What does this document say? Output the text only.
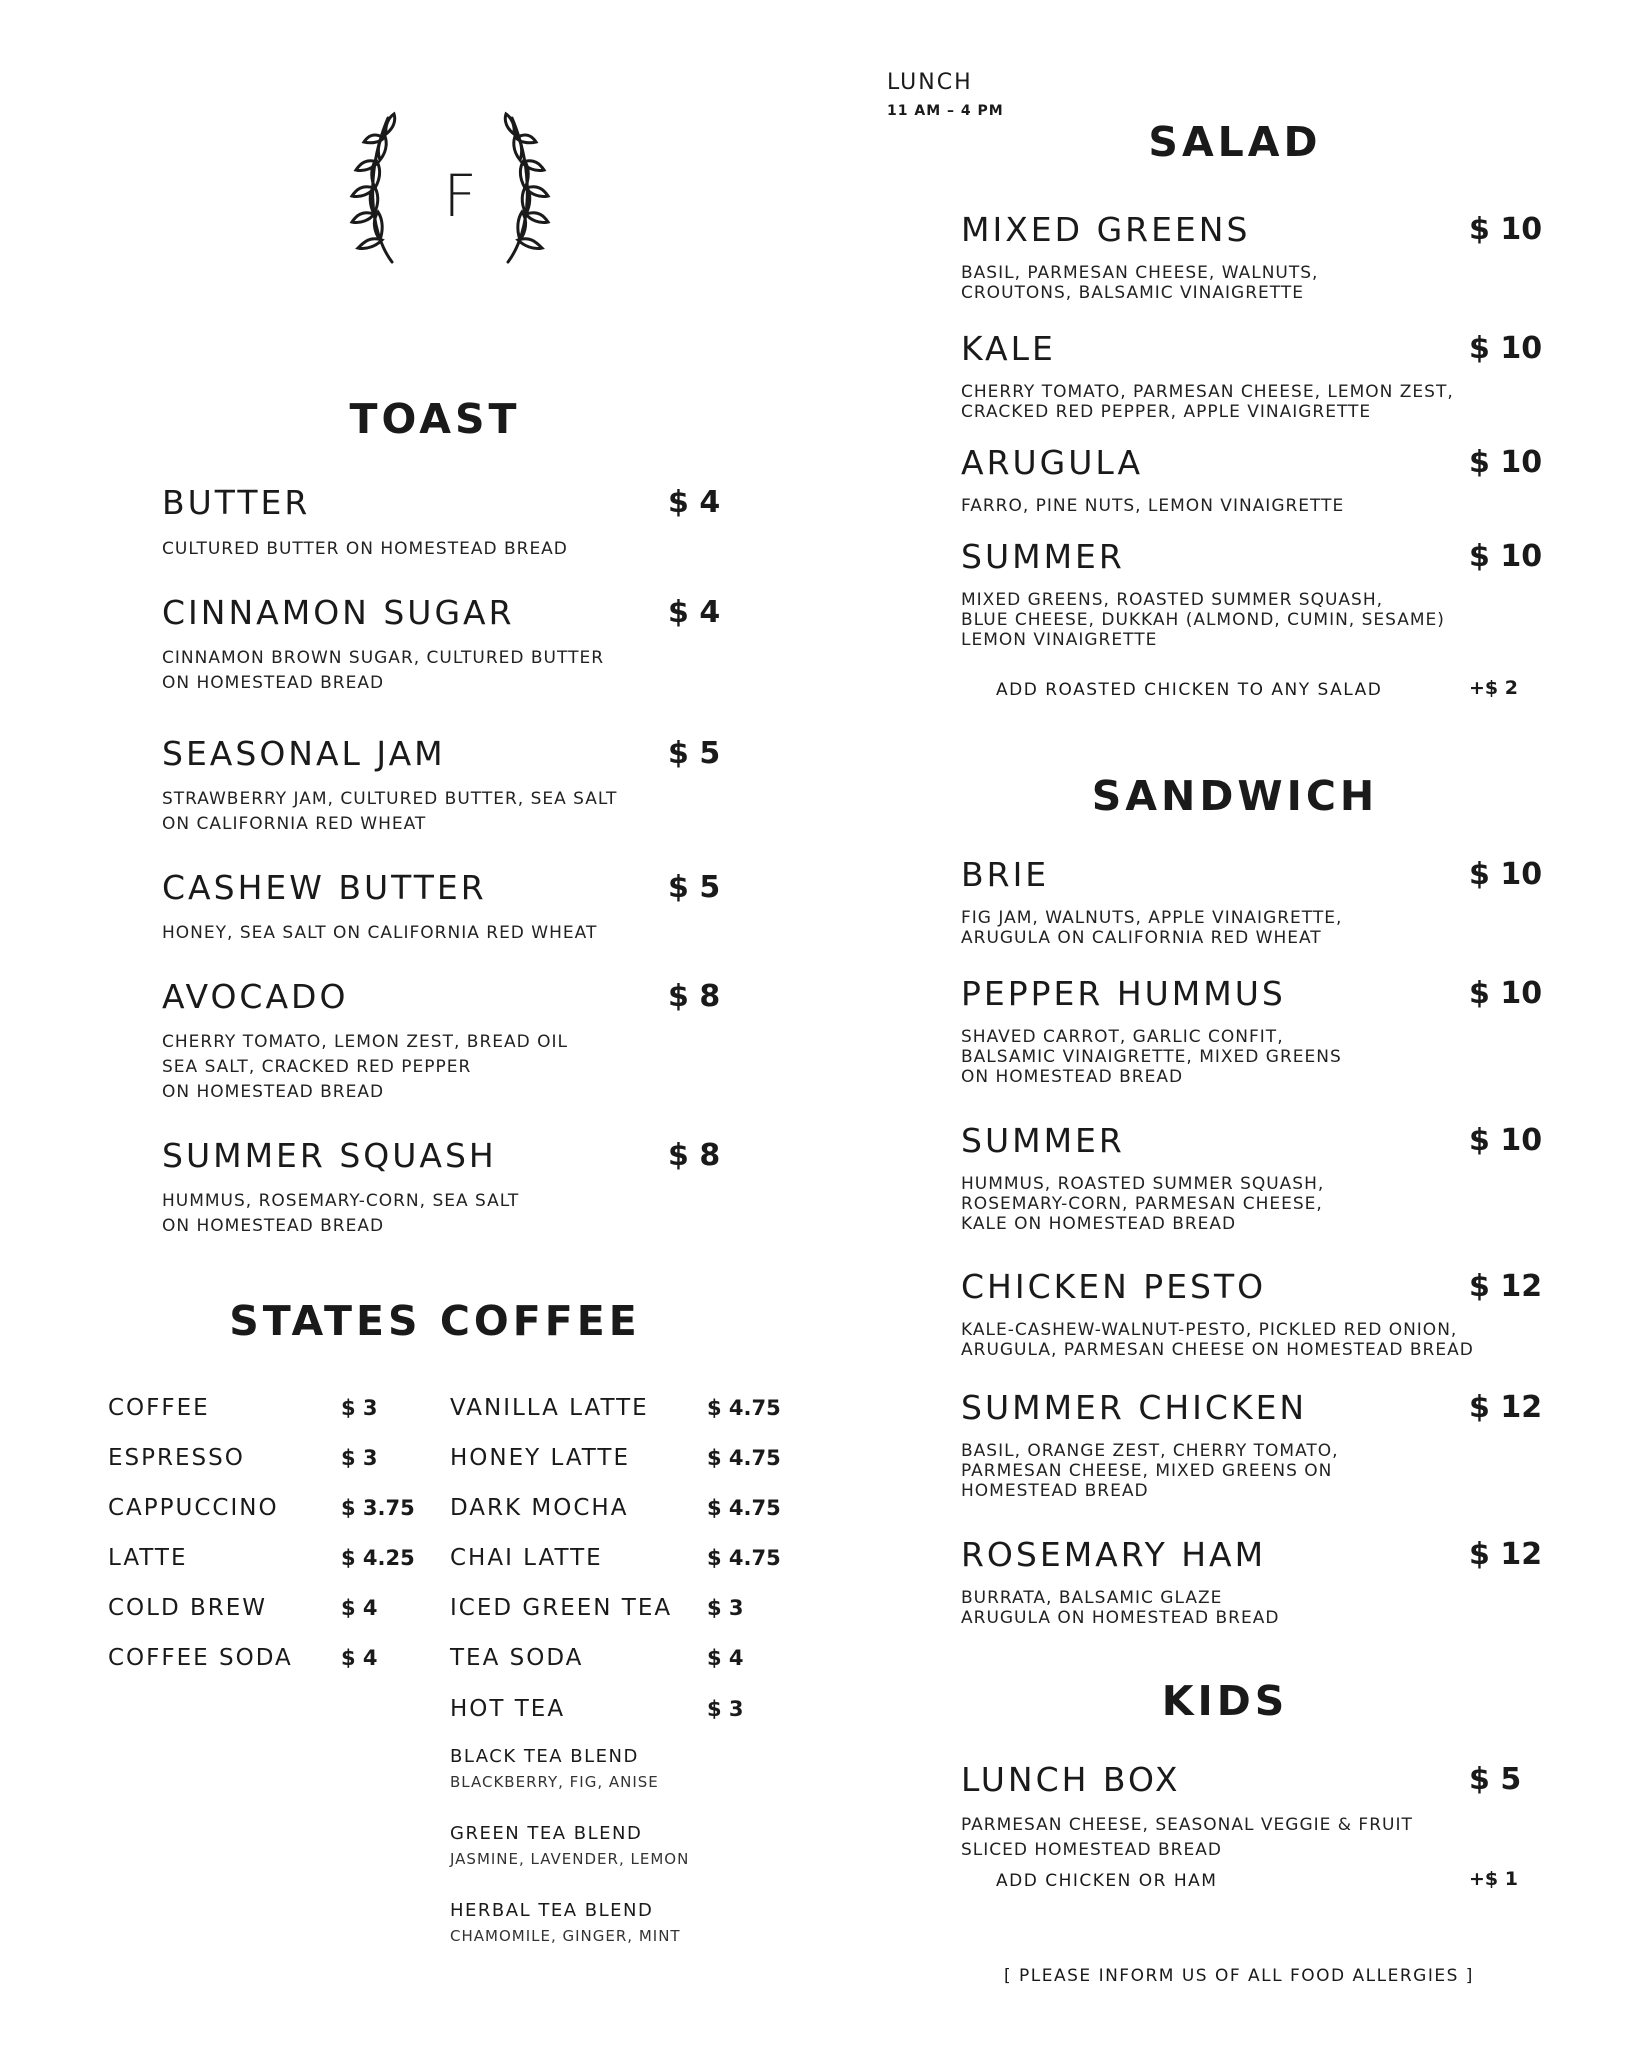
F
LUNCH
11 AM – 4 PM
TOAST
BUTTER	$ 4
CULTURED BUTTER ON HOMESTEAD BREAD
CINNAMON SUGAR	$ 4
CINNAMON BROWN SUGAR, CULTURED BUTTER
ON HOMESTEAD BREAD
SEASONAL JAM	$ 5
STRAWBERRY JAM, CULTURED BUTTER, SEA SALT
ON CALIFORNIA RED WHEAT
CASHEW BUTTER	$ 5
HONEY, SEA SALT ON CALIFORNIA RED WHEAT
AVOCADO	$ 8
CHERRY TOMATO, LEMON ZEST, BREAD OIL
SEA SALT, CRACKED RED PEPPER
ON HOMESTEAD BREAD
SUMMER SQUASH	$ 8
HUMMUS, ROSEMARY-CORN, SEA SALT
ON HOMESTEAD BREAD
STATES COFFEE
COFFEE	$ 3
ESPRESSO	$ 3
CAPPUCCINO	$ 3.75
LATTE	$ 4.25
COLD BREW	$ 4
COFFEE SODA $ 4
VANILLA LATTE	$ 4.75
HONEY LATTE	$ 4.75
DARK MOCHA	$ 4.75
CHAI LATTE	$ 4.75
ICED GREEN TEA $ 3
TEA SODA	$ 4
HOT TEA	$ 3
BLACK TEA BLEND
BLACKBERRY, FIG, ANISE
GREEN TEA BLEND
JASMINE, LAVENDER, LEMON
HERBAL TEA BLEND
CHAMOMILE, GINGER, MINT
SALAD
MIXED GREENS	$ 10
BASIL, PARMESAN CHEESE, WALNUTS,
CROUTONS, BALSAMIC VINAIGRETTE
KALE	$ 10
CHERRY TOMATO, PARMESAN CHEESE, LEMON ZEST,
CRACKED RED PEPPER, APPLE VINAIGRETTE
ARUGULA	$ 10
FARRO, PINE NUTS, LEMON VINAIGRETTE
SUMMER	$ 10
MIXED GREENS, ROASTED SUMMER SQUASH,
BLUE CHEESE, DUKKAH (ALMOND, CUMIN, SESAME)
LEMON VINAIGRETTE
ADD ROASTED CHICKEN TO ANY SALAD	+$ 2
SANDWICH
BRIE	$ 10
FIG JAM, WALNUTS, APPLE VINAIGRETTE,
ARUGULA ON CALIFORNIA RED WHEAT
PEPPER HUMMUS	$ 10
SHAVED CARROT, GARLIC CONFIT,
BALSAMIC VINAIGRETTE, MIXED GREENS
ON HOMESTEAD BREAD
SUMMER	$ 10
HUMMUS, ROASTED SUMMER SQUASH,
ROSEMARY-CORN, PARMESAN CHEESE,
KALE ON HOMESTEAD BREAD
CHICKEN PESTO	$ 12
KALE-CASHEW-WALNUT-PESTO, PICKLED RED ONION,
ARUGULA, PARMESAN CHEESE ON HOMESTEAD BREAD
SUMMER CHICKEN	$ 12
BASIL, ORANGE ZEST, CHERRY TOMATO,
PARMESAN CHEESE, MIXED GREENS ON
HOMESTEAD BREAD
ROSEMARY HAM	$ 12
BURRATA, BALSAMIC GLAZE
ARUGULA ON HOMESTEAD BREAD
KIDS
LUNCH BOX	$ 5
PARMESAN CHEESE, SEASONAL VEGGIE & FRUIT
SLICED HOMESTEAD BREAD
ADD CHICKEN OR HAM	+$ 1
[ PLEASE INFORM US OF ALL FOOD ALLERGIES ]
